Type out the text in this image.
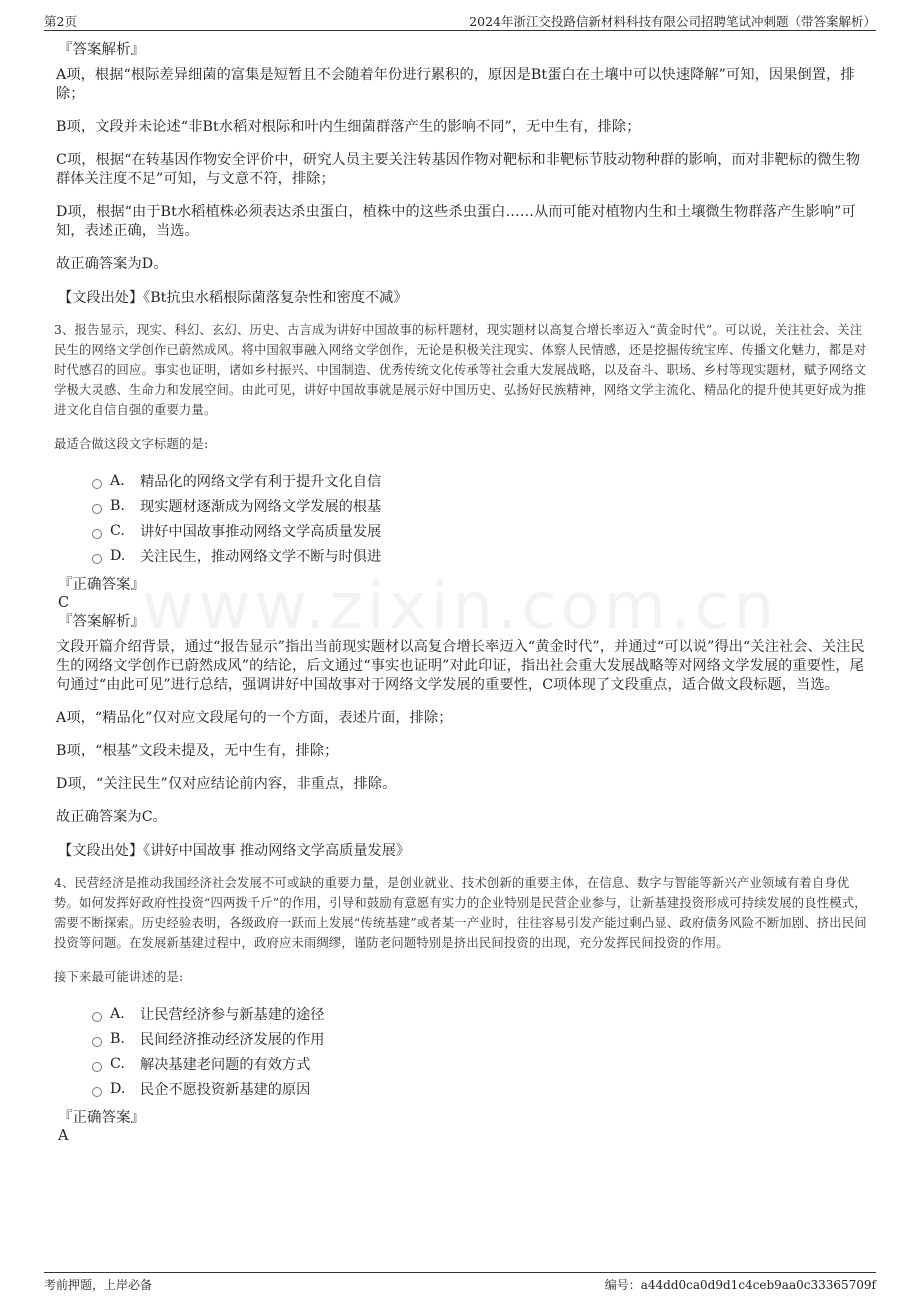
第2页	2024年浙江交投路信新材料科技有限公司招聘笔试冲刺题（带答案解析）
www.zixin.com.cn
『答案解析』

A项，根据“根际差异细菌的富集是短暂且不会随着年份进行累积的，原因是Bt蛋白在土壤中可以快速降解”可知，因果倒置，排除；

B项，文段并未论述“非Bt水稻对根际和叶内生细菌群落产生的影响不同”，无中生有，排除；

C项，根据“在转基因作物安全评价中，研究人员主要关注转基因作物对靶标和非靶标节肢动物种群的影响，而对非靶标的微生物群体关注度不足”可知，与文意不符，排除；

D项，根据“由于Bt水稻植株必须表达杀虫蛋白，植株中的这些杀虫蛋白……从而可能对植物内生和土壤微生物群落产生影响”可知，表述正确，当选。

故正确答案为D。

【文段出处】《Bt抗虫水稻根际菌落复杂性和密度不减》

3、报告显示，现实、科幻、玄幻、历史、古言成为讲好中国故事的标杆题材，现实题材以高复合增长率迈入“黄金时代”。可以说，关注社会、关注民生的网络文学创作已蔚然成风。将中国叙事融入网络文学创作，无论是积极关注现实、体察人民情感，还是挖掘传统宝库、传播文化魅力，都是对时代感召的回应。事实也证明，诸如乡村振兴、中国制造、优秀传统文化传承等社会重大发展战略，以及奋斗、职场、乡村等现实题材，赋予网络文学极大灵感、生命力和发展空间。由此可见，讲好中国故事就是展示好中国历史、弘扬好民族精神，网络文学主流化、精品化的提升使其更好成为推进文化自信自强的重要力量。

最适合做这段文字标题的是:

A.	精品化的网络文学有利于提升文化自信
B.	现实题材逐渐成为网络文学发展的根基
C.	讲好中国故事推动网络文学高质量发展
D.	关注民生，推动网络文学不断与时俱进
『正确答案』
C
『答案解析』

文段开篇介绍背景，通过“报告显示”指出当前现实题材以高复合增长率迈入“黄金时代”，并通过“可以说”得出“关注社会、关注民生的网络文学创作已蔚然成风”的结论，后文通过“事实也证明”对此印证，指出社会重大发展战略等对网络文学发展的重要性，尾句通过“由此可见”进行总结，强调讲好中国故事对于网络文学发展的重要性，C项体现了文段重点，适合做文段标题，当选。

A项，“精品化”仅对应文段尾句的一个方面，表述片面，排除；

B项，“根基”文段未提及，无中生有，排除；

D项，“关注民生”仅对应结论前内容，非重点，排除。

故正确答案为C。

【文段出处】《讲好中国故事 推动网络文学高质量发展》

4、民营经济是推动我国经济社会发展不可或缺的重要力量，是创业就业、技术创新的重要主体，在信息、数字与智能等新兴产业领域有着自身优势。如何发挥好政府性投资“四两拨千斤”的作用，引导和鼓励有意愿有实力的企业特别是民营企业参与，让新基建投资形成可持续发展的良性模式，需要不断探索。历史经验表明，各级政府一跃而上发展“传统基建”或者某一产业时，往往容易引发产能过剩凸显、政府债务风险不断加剧、挤出民间投资等问题。在发展新基建过程中，政府应未雨绸缪，谨防老问题特别是挤出民间投资的出现，充分发挥民间投资的作用。

接下来最可能讲述的是:

A.	让民营经济参与新基建的途径
B.	民间经济推动经济发展的作用
C.	解决基建老问题的有效方式
D.	民企不愿投资新基建的原因
『正确答案』
A
考前押题，上岸必备	编号：a44dd0ca0d9d1c4ceb9aa0c33365709f
